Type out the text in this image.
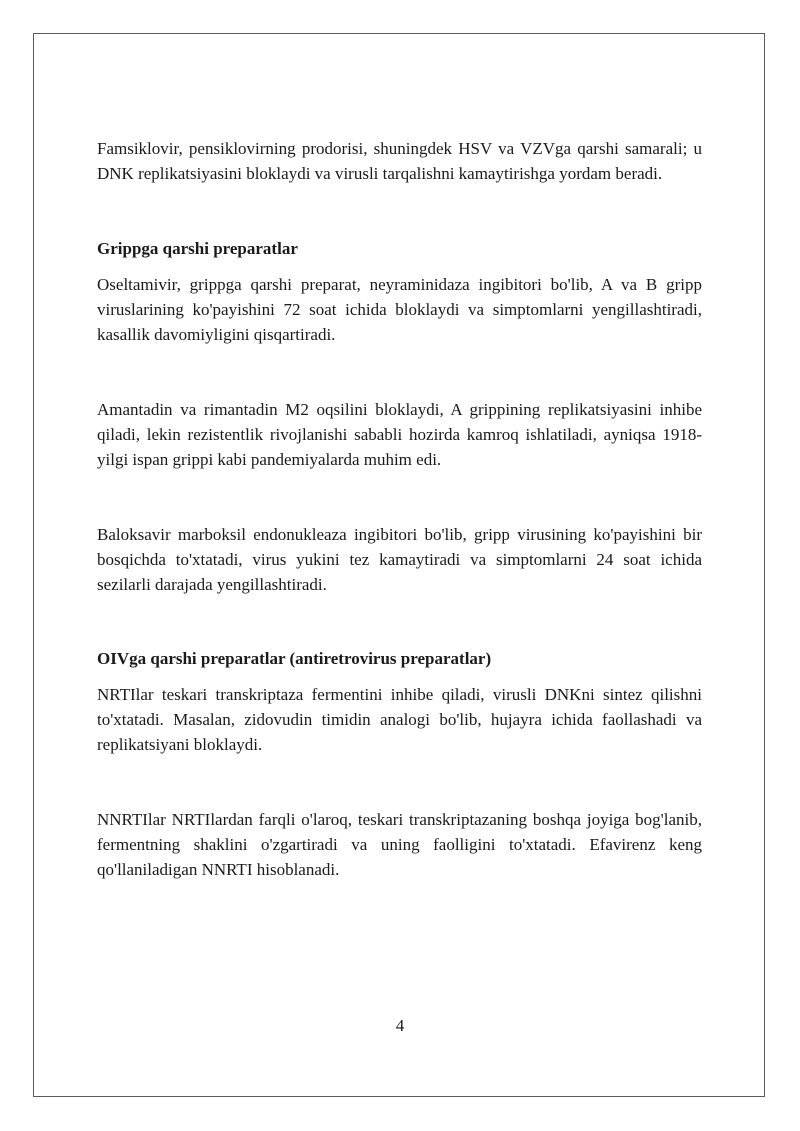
Famsiklovir, pensiklovirning prodorisi, shuningdek HSV va VZVga qarshi samarali; u DNK replikatsiyasini bloklaydi va virusli tarqalishni kamaytirishga yordam beradi.

Grippga qarshi preparatlar

Oseltamivir, grippga qarshi preparat, neyraminidaza ingibitori bo'lib, A va B gripp viruslarining ko'payishini 72 soat ichida bloklaydi va simptomlarni yengillashtiradi, kasallik davomiyligini qisqartiradi.

Amantadin va rimantadin M2 oqsilini bloklaydi, A grippining replikatsiyasini inhibe qiladi, lekin rezistentlik rivojlanishi sababli hozirda kamroq ishlatiladi, ayniqsa 1918-yilgi ispan grippi kabi pandemiyalarda muhim edi.

Baloksavir marboksil endonukleaza ingibitori bo'lib, gripp virusining ko'payishini bir bosqichda to'xtatadi, virus yukini tez kamaytiradi va simptomlarni 24 soat ichida sezilarli darajada yengillashtiradi.

OIVga qarshi preparatlar (antiretrovirus preparatlar)

NRTIlar teskari transkriptaza fermentini inhibe qiladi, virusli DNKni sintez qilishni to'xtatadi. Masalan, zidovudin timidin analogi bo'lib, hujayra ichida faollashadi va replikatsiyani bloklaydi.

NNRTIlar NRTIlardan farqli o'laroq, teskari transkriptazaning boshqa joyiga bog'lanib, fermentning shaklini o'zgartiradi va uning faolligini to'xtatadi. Efavirenz keng qo'llaniladigan NNRTI hisoblanadi.

4
